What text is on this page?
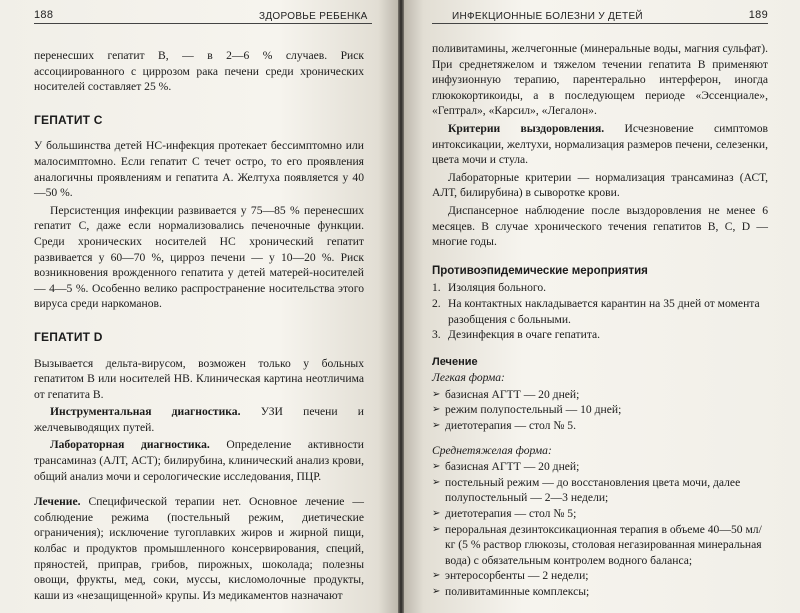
188	ЗДОРОВЬЕ РЕБЕНКА

перенесших гепатит В, — в 2—6 % случаев. Риск ассоциированного с циррозом рака печени среди хронических носителей составляет 25 %.

ГЕПАТИТ С

У большинства детей НС-инфекция протекает бессимптомно или малосимптомно. Если гепатит С течет остро, то его проявления аналогичны проявлениям и гепатита А. Желтуха появляется у 40—50 %.

Персистенция инфекции развивается у 75—85 % перенесших гепатит С, даже если нормализовались печеночные функции. Среди хронических носителей НС хронический гепатит развивается у 60—70 %, цирроз печени — у 10—20 %. Риск возникновения врожденного гепатита у детей матерей-носителей — 4—5 %. Особенно велико распространение носительства этого вируса среди наркоманов.

ГЕПАТИТ D

Вызывается дельта-вирусом, возможен только у больных гепатитом В или носителей НВ. Клиническая картина неотличима от гепатита В.

Инструментальная диагностика. УЗИ печени и желчевыводящих путей.

Лабораторная диагностика. Определение активности трансаминаз (АЛТ, АСТ); билирубина, клинический анализ крови, общий анализ мочи и серологические исследования, ПЦР.

Лечение. Специфической терапии нет. Основное лечение — соблюдение режима (постельный режим, диетические ограничения); исключение тугоплавких жиров и жирной пищи, колбас и продуктов промышленного консервирования, специй, пряностей, приправ, грибов, пирожных, шоколада; полезны овощи, фрукты, мед, соки, муссы, кисломолочные продукты, каши из «незащищенной» крупы. Из медикаментов назначают

ИНФЕКЦИОННЫЕ БОЛЕЗНИ У ДЕТЕЙ	189

поливитамины, желчегонные (минеральные воды, магния сульфат). При среднетяжелом и тяжелом течении гепатита В применяют инфузионную терапию, парентерально интерферон, иногда глюкокортикоиды, а в последующем периоде «Эссенциале», «Гептрал», «Карсил», «Легалон».

Критерии выздоровления. Исчезновение симптомов интоксикации, желтухи, нормализация размеров печени, селезенки, цвета мочи и стула.

Лабораторные критерии — нормализация трансаминаз (АСТ, АЛТ, билирубина) в сыворотке крови.

Диспансерное наблюдение после выздоровления не менее 6 месяцев. В случае хронического течения гепатитов В, С, D — многие годы.

Противоэпидемические мероприятия
1. Изоляция больного.
2. На контактных накладывается карантин на 35 дней от момента разобщения с больными.
3. Дезинфекция в очаге гепатита.
Лечение
Легкая форма:
➢ базисная АГТТ — 20 дней;
➢ режим полупостельный — 10 дней;
➢ диетотерапия — стол № 5.
Среднетяжелая форма:
➢ базисная АГТТ — 20 дней;
➢ постельный режим — до восстановления цвета мочи, далее полупостельный — 2—3 недели;
➢ диетотерапия — стол № 5;
➢ пероральная дезинтоксикационная терапия в объеме 40—50 мл/кг (5 % раствор глюкозы, столовая негазированная минеральная вода) с обязательным контролем водного баланса;
➢ энтеросорбенты — 2 недели;
➢ поливитаминные комплексы;
